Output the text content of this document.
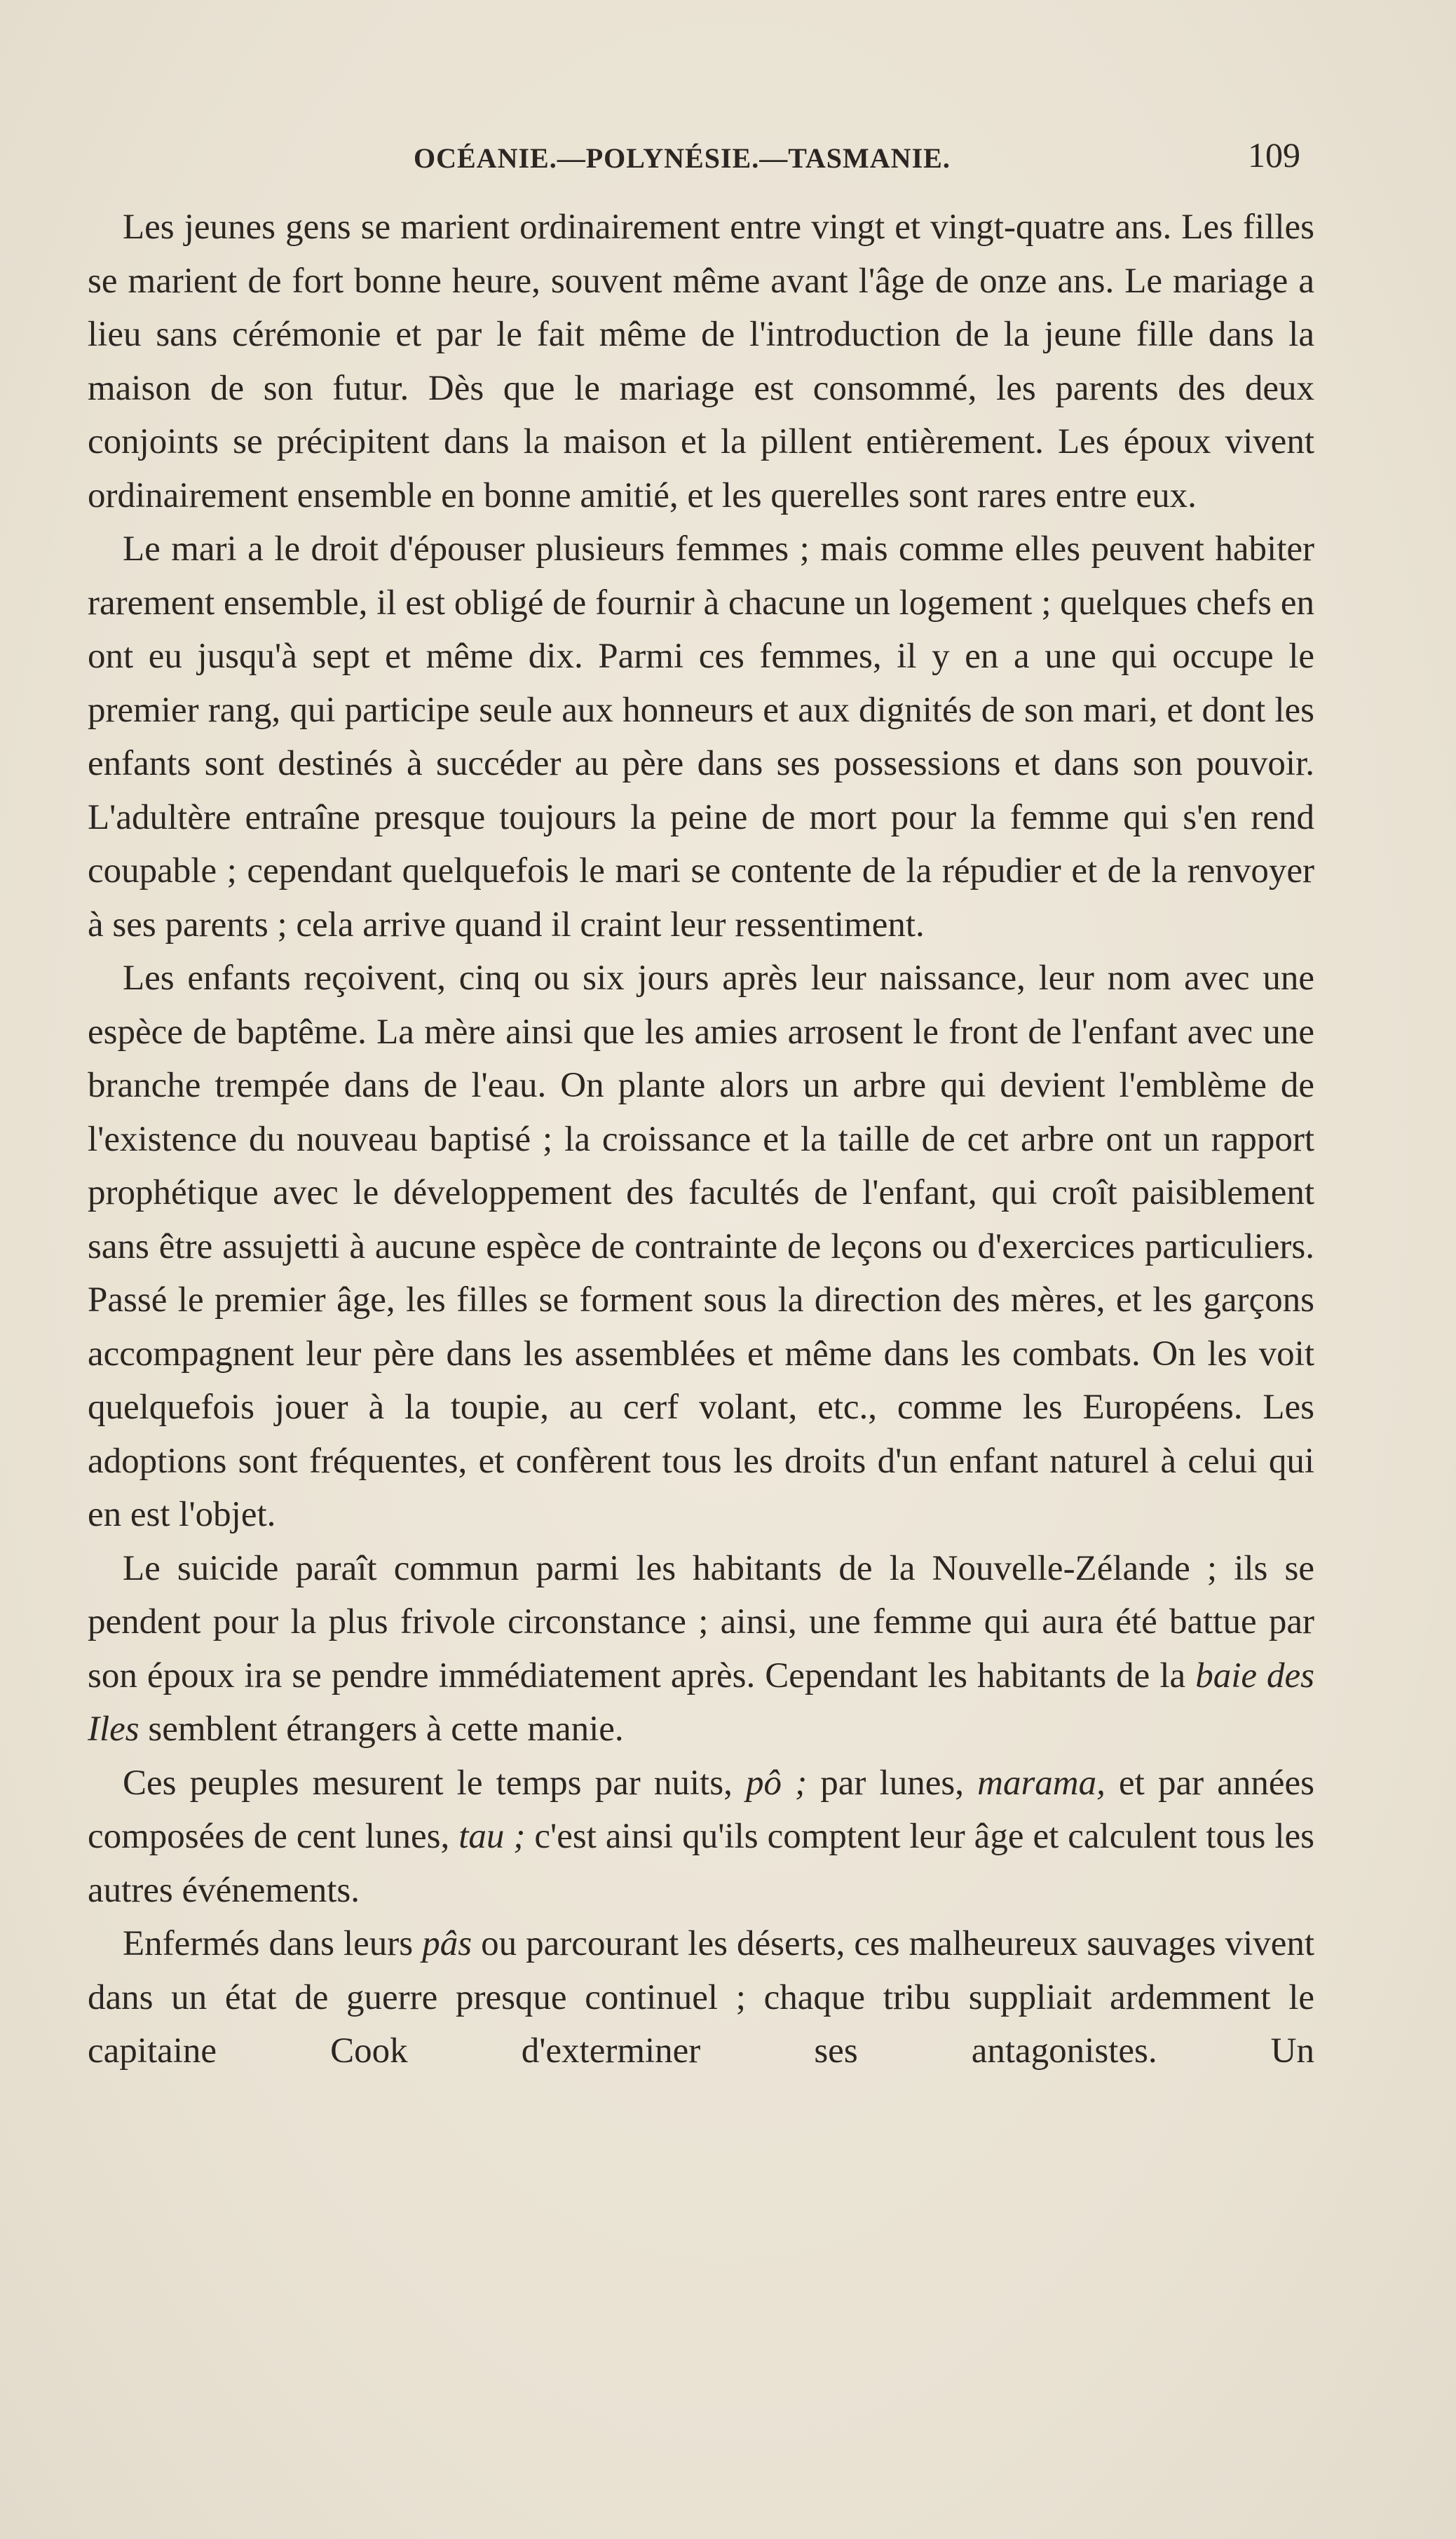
OCÉANIE.—POLYNÉSIE.—TASMANIE.	109

Les jeunes gens se marient ordinairement entre vingt et vingt-quatre ans. Les filles se marient de fort bonne heure, souvent même avant l'âge de onze ans. Le mariage a lieu sans cérémonie et par le fait même de l'introduction de la jeune fille dans la maison de son futur. Dès que le mariage est consommé, les parents des deux conjoints se précipitent dans la maison et la pillent entièrement. Les époux vivent ordinairement ensemble en bonne amitié, et les querelles sont rares entre eux.

Le mari a le droit d'épouser plusieurs femmes ; mais comme elles peuvent habiter rarement ensemble, il est obligé de fournir à chacune un logement ; quelques chefs en ont eu jusqu'à sept et même dix. Parmi ces femmes, il y en a une qui occupe le premier rang, qui participe seule aux honneurs et aux dignités de son mari, et dont les enfants sont destinés à succéder au père dans ses possessions et dans son pouvoir. L'adultère entraîne presque toujours la peine de mort pour la femme qui s'en rend coupable ; cependant quelquefois le mari se contente de la répudier et de la renvoyer à ses parents ; cela arrive quand il craint leur ressentiment.

Les enfants reçoivent, cinq ou six jours après leur naissance, leur nom avec une espèce de baptême. La mère ainsi que les amies arrosent le front de l'enfant avec une branche trempée dans de l'eau. On plante alors un arbre qui devient l'emblème de l'existence du nouveau baptisé ; la croissance et la taille de cet arbre ont un rapport prophétique avec le développement des facultés de l'enfant, qui croît paisiblement sans être assujetti à aucune espèce de contrainte de leçons ou d'exercices particuliers. Passé le premier âge, les filles se forment sous la direction des mères, et les garçons accompagnent leur père dans les assemblées et même dans les combats. On les voit quelquefois jouer à la toupie, au cerf volant, etc., comme les Européens. Les adoptions sont fréquentes, et confèrent tous les droits d'un enfant naturel à celui qui en est l'objet.

Le suicide paraît commun parmi les habitants de la Nouvelle-Zélande ; ils se pendent pour la plus frivole circonstance ; ainsi, une femme qui aura été battue par son époux ira se pendre immédiatement après. Cependant les habitants de la baie des Iles semblent étrangers à cette manie.

Ces peuples mesurent le temps par nuits, pô ; par lunes, marama, et par années composées de cent lunes, tau ; c'est ainsi qu'ils comptent leur âge et calculent tous les autres événements.

Enfermés dans leurs pâs ou parcourant les déserts, ces malheureux sauvages vivent dans un état de guerre presque continuel ; chaque tribu suppliait ardemment le capitaine Cook d'exterminer ses antagonistes. Un
